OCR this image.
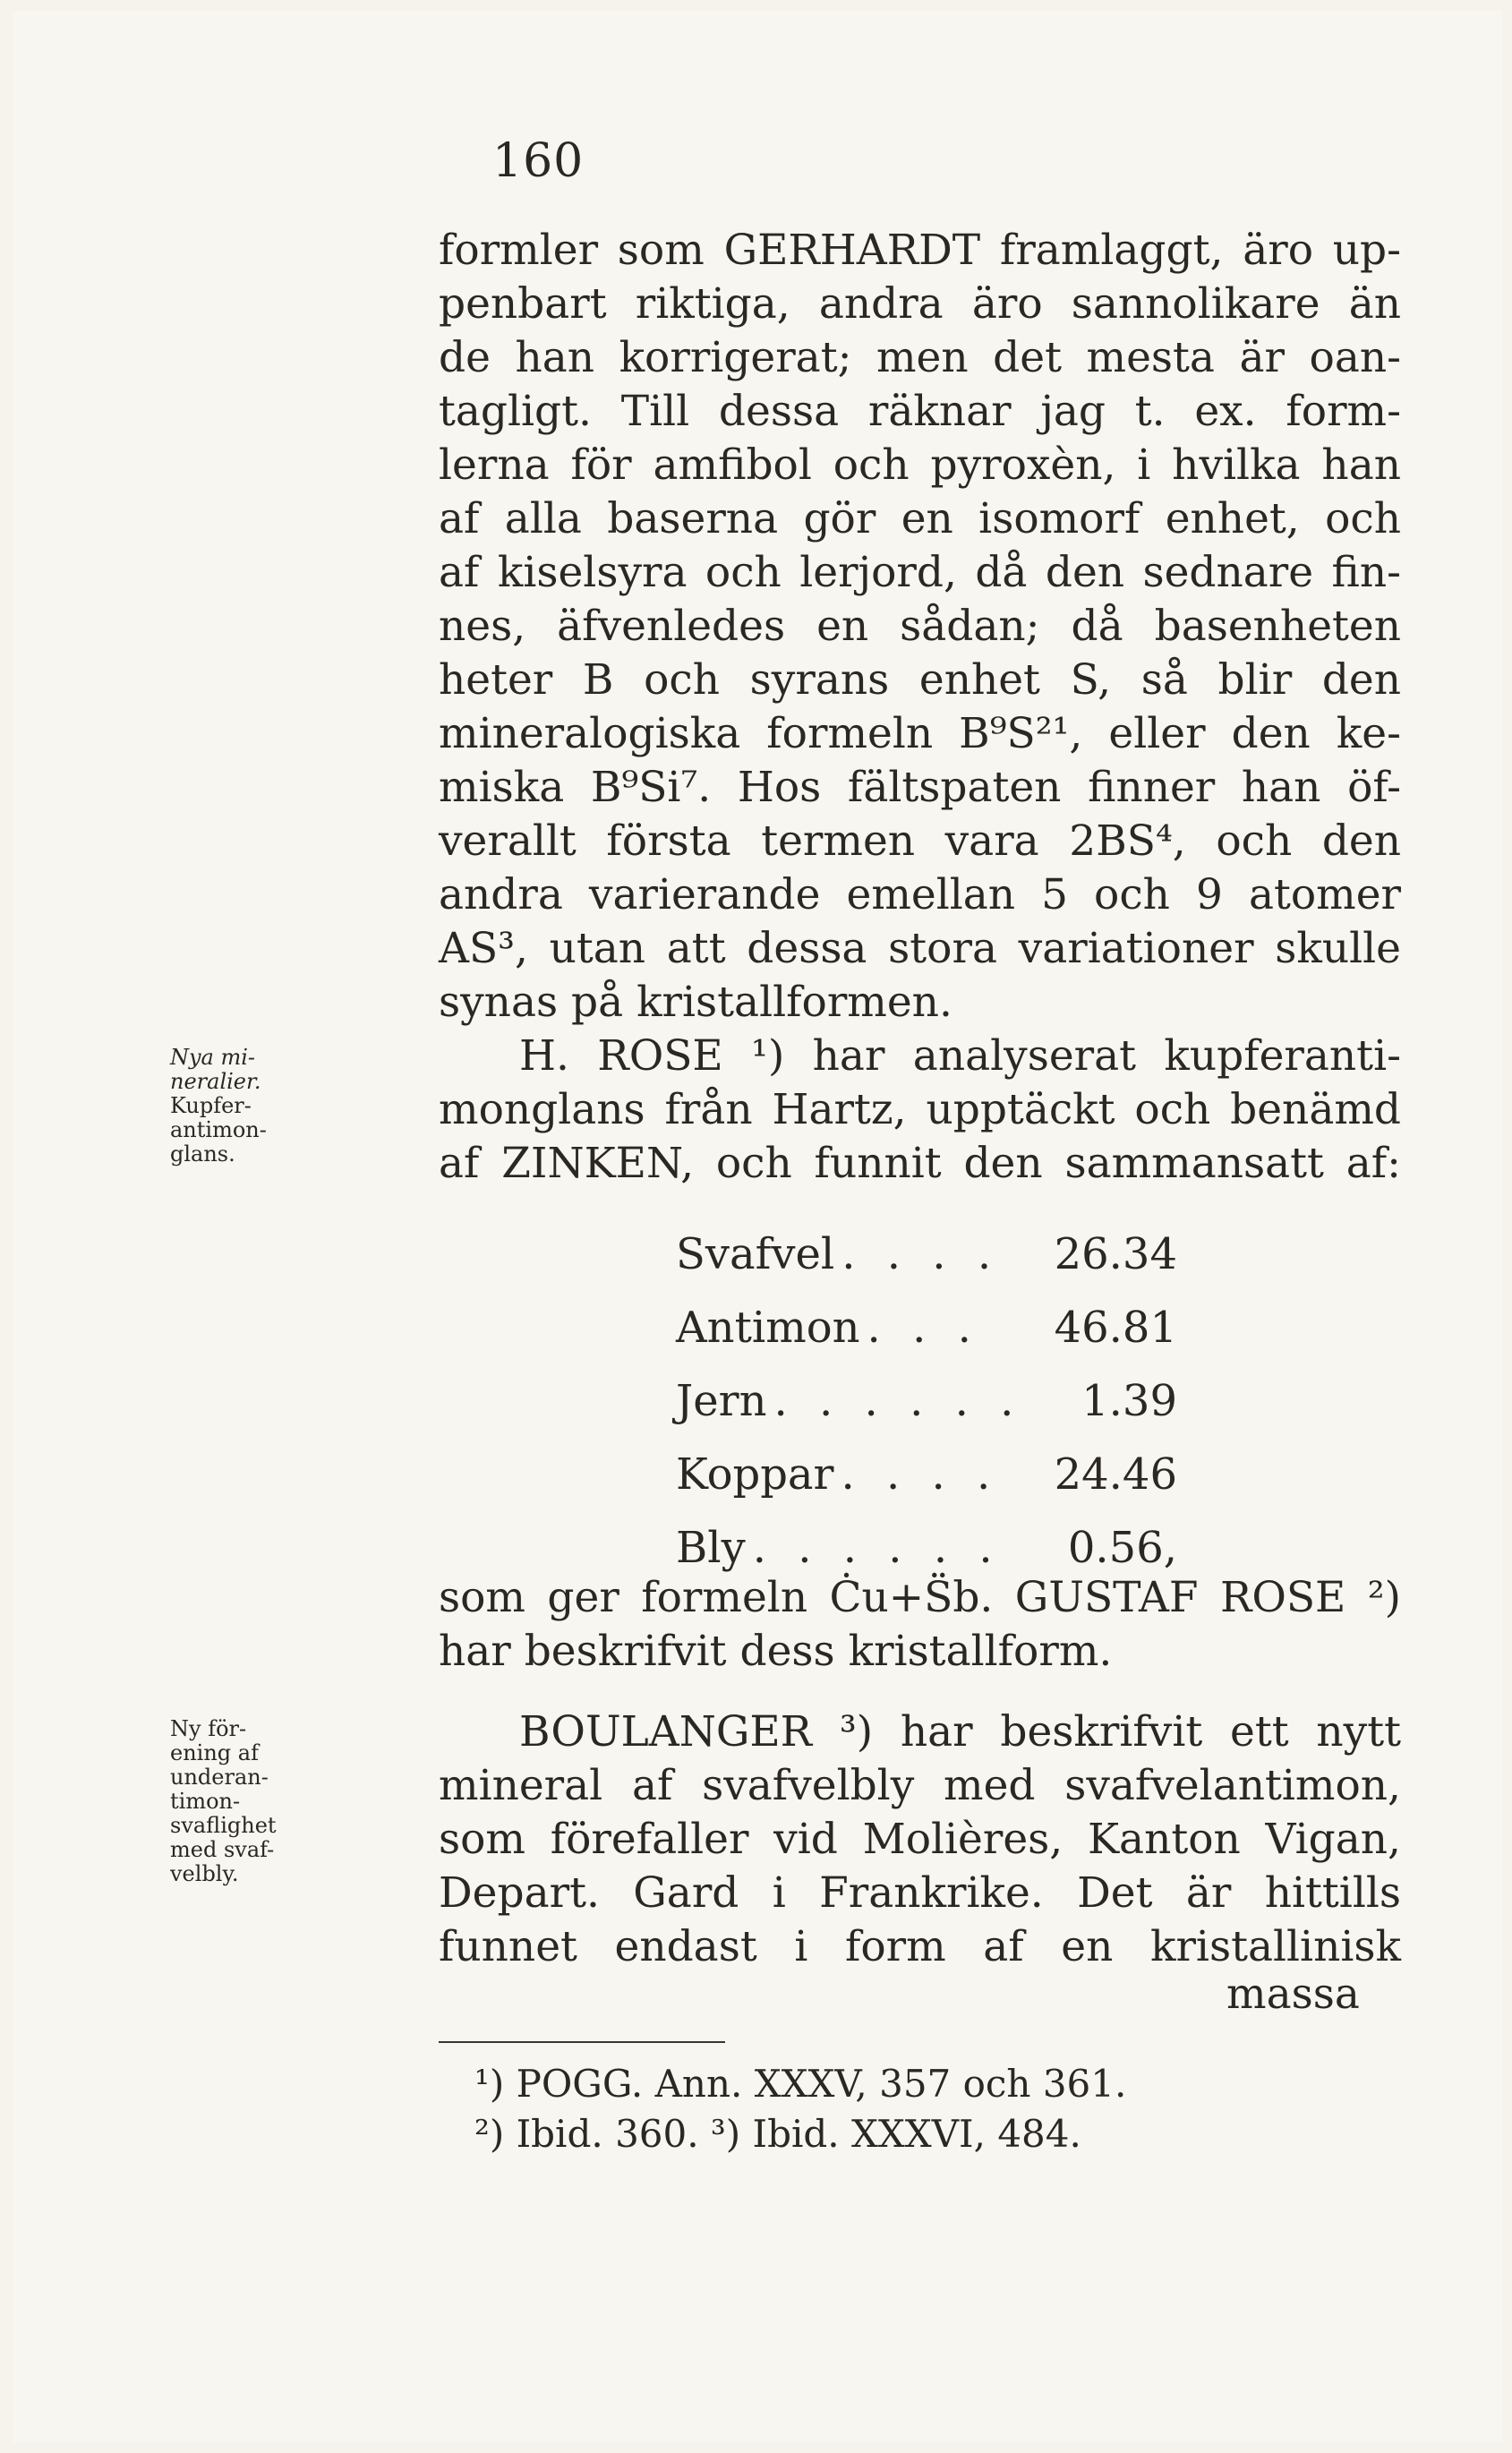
160
formler som GERHARDT framlaggt, äro up-
penbart riktiga, andra äro sannolikare än
de han korrigerat; men det mesta är oan-
tagligt. Till dessa räknar jag t. ex. form-
lerna för amfibol och pyroxèn, i hvilka han
af alla baserna gör en isomorf enhet, och
af kiselsyra och lerjord, då den sednare fin-
nes, äfvenledes en sådan; då basenheten
heter B och syrans enhet S, så blir den
mineralogiska formeln B⁹S²¹, eller den ke-
miska B⁹Si⁷. Hos fältspaten finner han öf-
verallt första termen vara 2BS⁴, och den
andra varierande emellan 5 och 9 atomer
AS³, utan att dessa stora variationer skulle
synas på kristallformen.
H. ROSE ¹) har analyserat kupferanti-
monglans från Hartz, upptäckt och benämd
af ZINKEN, och funnit den sammansatt af:
Nya mi-
neralier.
Kupfer-
antimon-
glans.
Svafvel . . . .	26.34
Antimon . . .	46.81
Jern . . . . . .	1.39
Koppar . . . .	24.46
Bly . . . . . .	0.56,
som ger formeln Ċu+S̈b. GUSTAF ROSE ²)
har beskrifvit dess kristallform.
BOULANGER ³) har beskrifvit ett nytt
mineral af svafvelbly med svafvelantimon,
som förefaller vid Molières, Kanton Vigan,
Depart. Gard i Frankrike. Det är hittills
funnet endast i form af en kristallinisk
massa
Ny för-
ening af
underan-
timon-
svaflighet
med svaf-
velbly.
¹) POGG. Ann. XXXV, 357 och 361.
²) Ibid. 360. ³) Ibid. XXXVI, 484.
